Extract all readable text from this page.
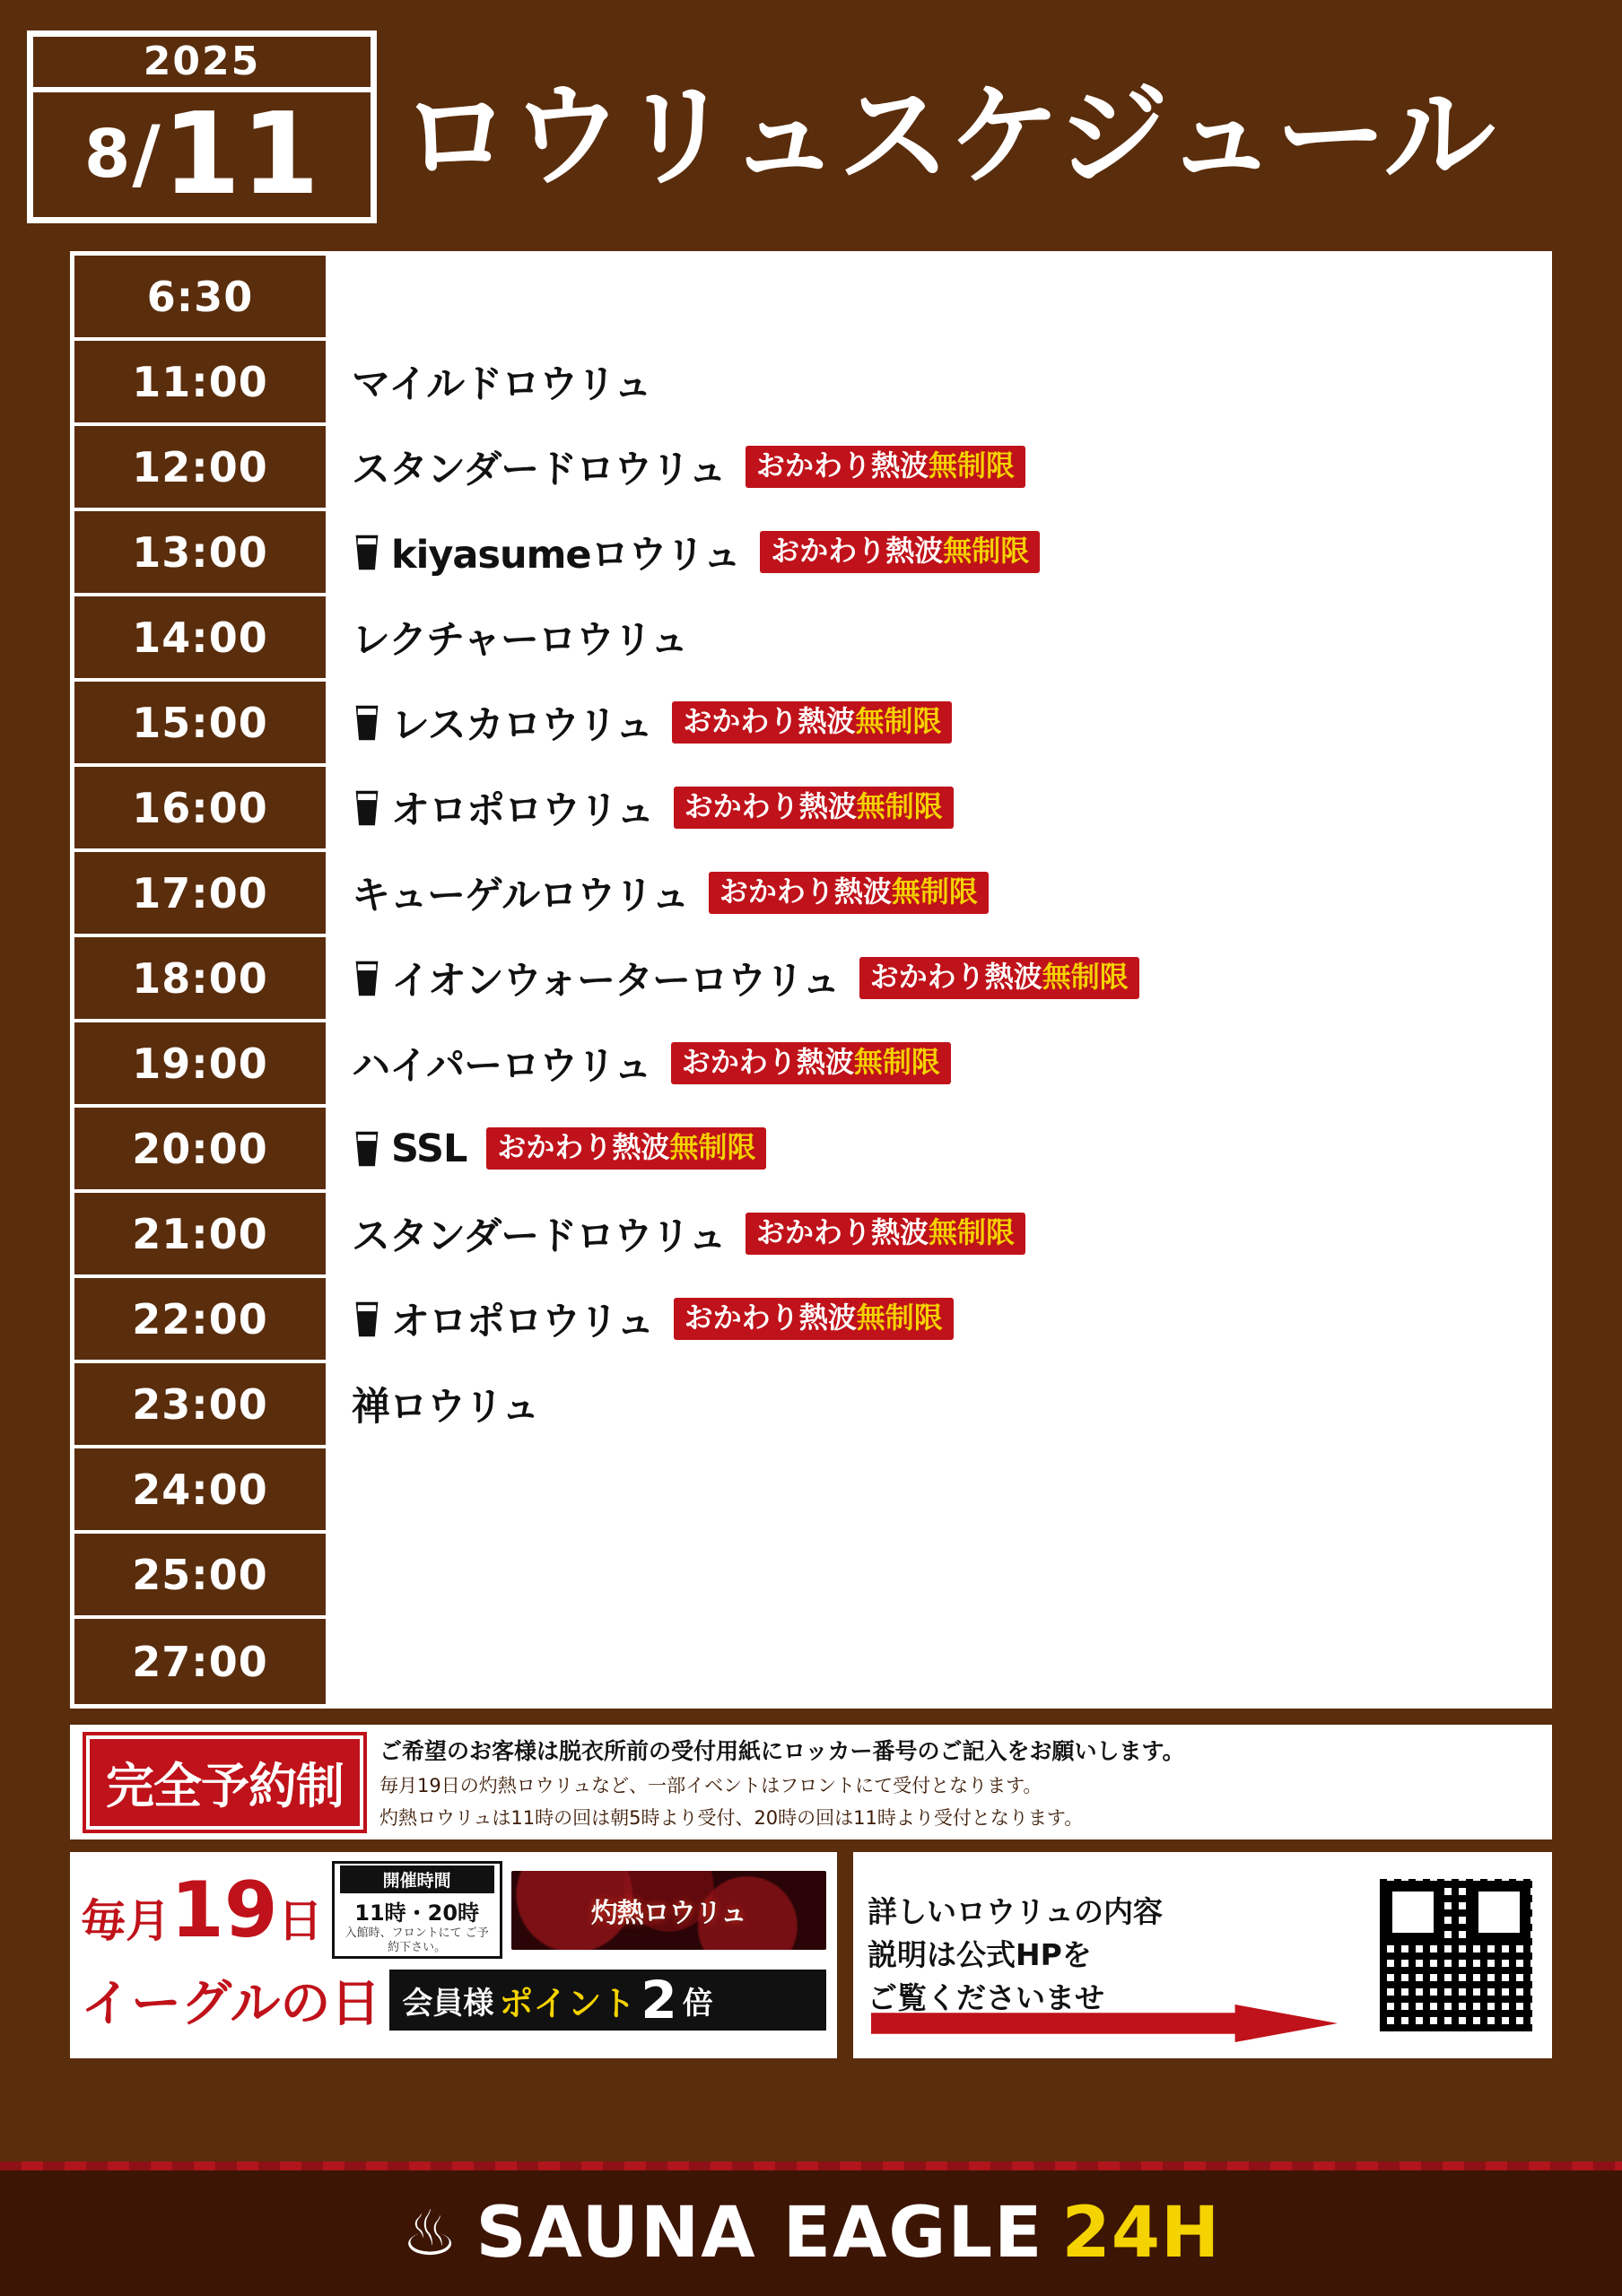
2025
8 / 11 ロウリュスケジュール
6:30
11:00	マイルドロウリュ
12:00	スタンダードロウリュ	おかわり熱波無制限
13:00	kiyasumeロウリュ	おかわり熱波無制限
14:00	レクチャーロウリュ
15:00	レスカロウリュ	おかわり熱波無制限
16:00	オロポロウリュ	おかわり熱波無制限
17:00	キューゲルロウリュ	おかわり熱波無制限
18:00	イオンウォーターロウリュ	おかわり熱波無制限
19:00	ハイパーロウリュ	おかわり熱波無制限
20:00	SSL	おかわり熱波無制限
21:00	スタンダードロウリュ	おかわり熱波無制限
22:00	オロポロウリュ	おかわり熱波無制限
23:00	禅ロウリュ
24:00
25:00
27:00
完全予約制
ご希望のお客様は脱衣所前の受付用紙にロッカー番号のご記入をお願いします。
毎月19日の灼熱ロウリュなど、一部イベントはフロントにて受付となります。
灼熱ロウリュは11時の回は朝5時より受付、20時の回は11時より受付となります。
毎月 19 日
開催時間
11時・20時
入館時、フロントにて ご予約下さい。
灼熱ロウリュ
イーグルの日 会員様 ポイント 2 倍
詳しいロウリュの内容
説明は公式HPを
ご覧くださいませ
♨ SAUNA EAGLE 24H
